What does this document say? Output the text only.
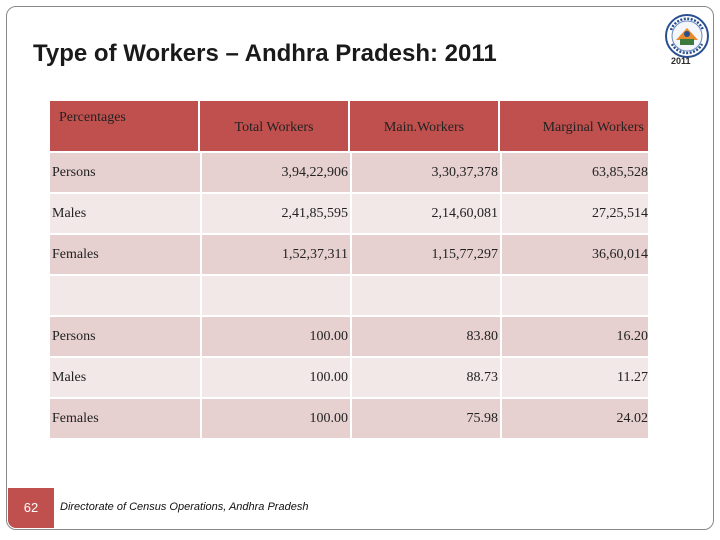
Type of Workers – Andhra Pradesh: 2011	2011
Percentages	Total Workers	Main.Workers	Marginal Workers
Persons	3,94,22,906	3,30,37,378	63,85,528
Males	2,41,85,595	2,14,60,081	27,25,514
Females	1,52,37,311	1,15,77,297	36,60,014

Persons	100.00	83.80	16.20
Males	100.00	88.73	11.27
Females	100.00	75.98	24.02
62	Directorate of Census Operations, Andhra Pradesh
